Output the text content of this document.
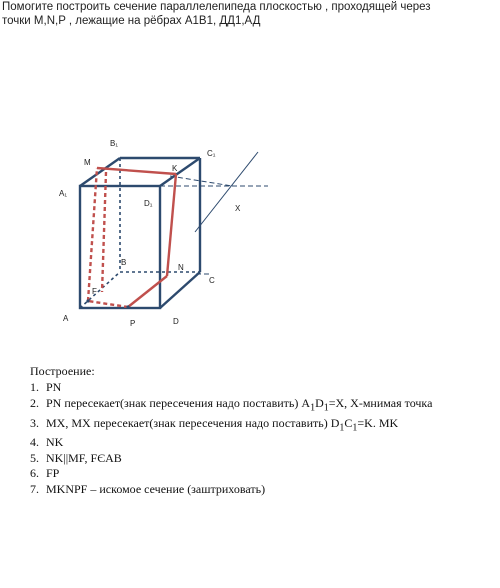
Помогите построить сечение параллелепипеда плоскостью , проходящей через
точки M,N,P , лежащие на рёбрах A1B1, ДД1,АД
B₁
C₁
M
K
A₁
D₁
X
B
N
C
F
A
P	D
Построение:
1. PN
2. PN пересекает(знак пересечения надо поставить) $A_1D_1=X$, X-мнимая точка
3. MX, MX пересекает(знак пересечения надо поставить) $D_1C_1=K$. MK
4. NK
5. NK||MF, FЄAB
6. FP
7. MKNPF – искомое сечение (заштриховать)
